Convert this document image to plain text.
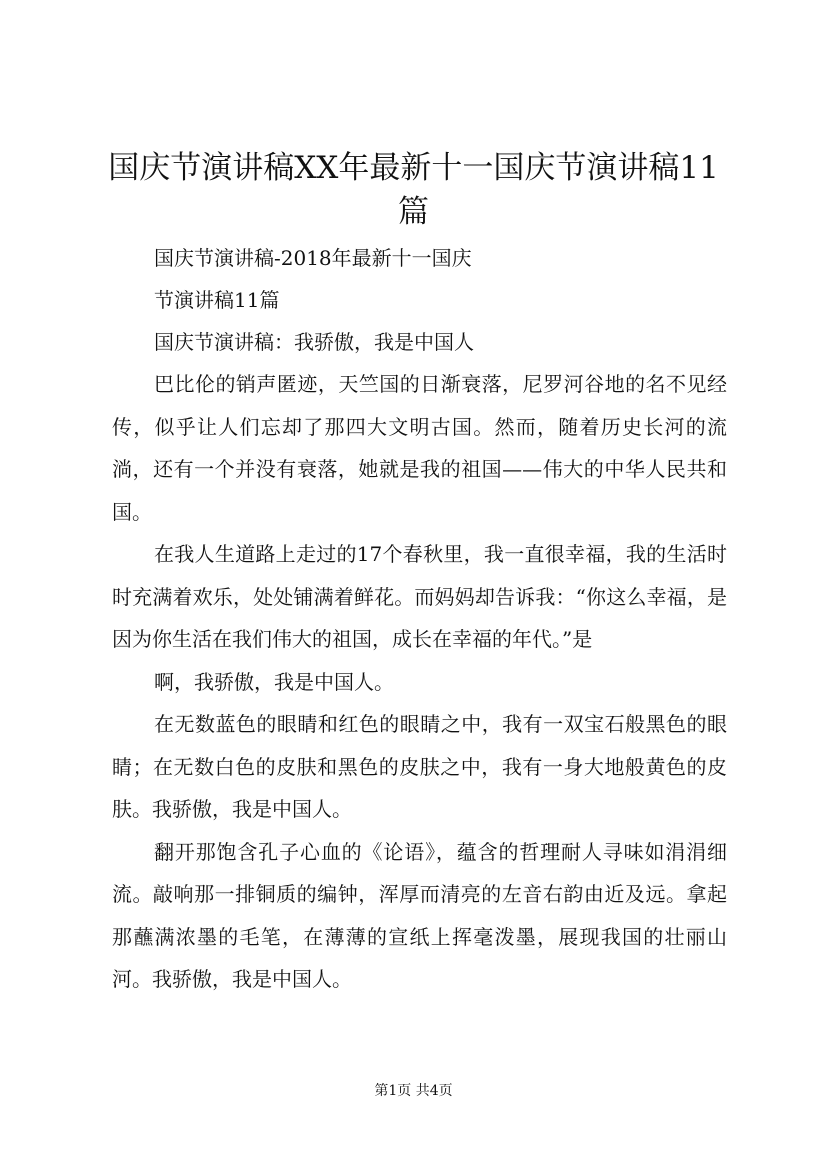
国庆节演讲稿XX年最新十一国庆节演讲稿11篇

国庆节演讲稿-2018年最新十一国庆

节演讲稿11篇

国庆节演讲稿：我骄傲，我是中国人

巴比伦的销声匿迹，天竺国的日渐衰落，尼罗河谷地的名不见经传，似乎让人们忘却了那四大文明古国。然而，随着历史长河的流淌，还有一个并没有衰落，她就是我的祖国——伟大的中华人民共和国。

在我人生道路上走过的17个春秋里，我一直很幸福，我的生活时时充满着欢乐，处处铺满着鲜花。而妈妈却告诉我：“你这么幸福，是因为你生活在我们伟大的祖国，成长在幸福的年代。”是

啊，我骄傲，我是中国人。

在无数蓝色的眼睛和红色的眼睛之中，我有一双宝石般黑色的眼睛；在无数白色的皮肤和黑色的皮肤之中，我有一身大地般黄色的皮肤。我骄傲，我是中国人。

翻开那饱含孔子心血的《论语》，蕴含的哲理耐人寻味如涓涓细流。敲响那一排铜质的编钟，浑厚而清亮的左音右韵由近及远。拿起那蘸满浓墨的毛笔，在薄薄的宣纸上挥毫泼墨，展现我国的壮丽山河。我骄傲，我是中国人。

第1页 共4页
